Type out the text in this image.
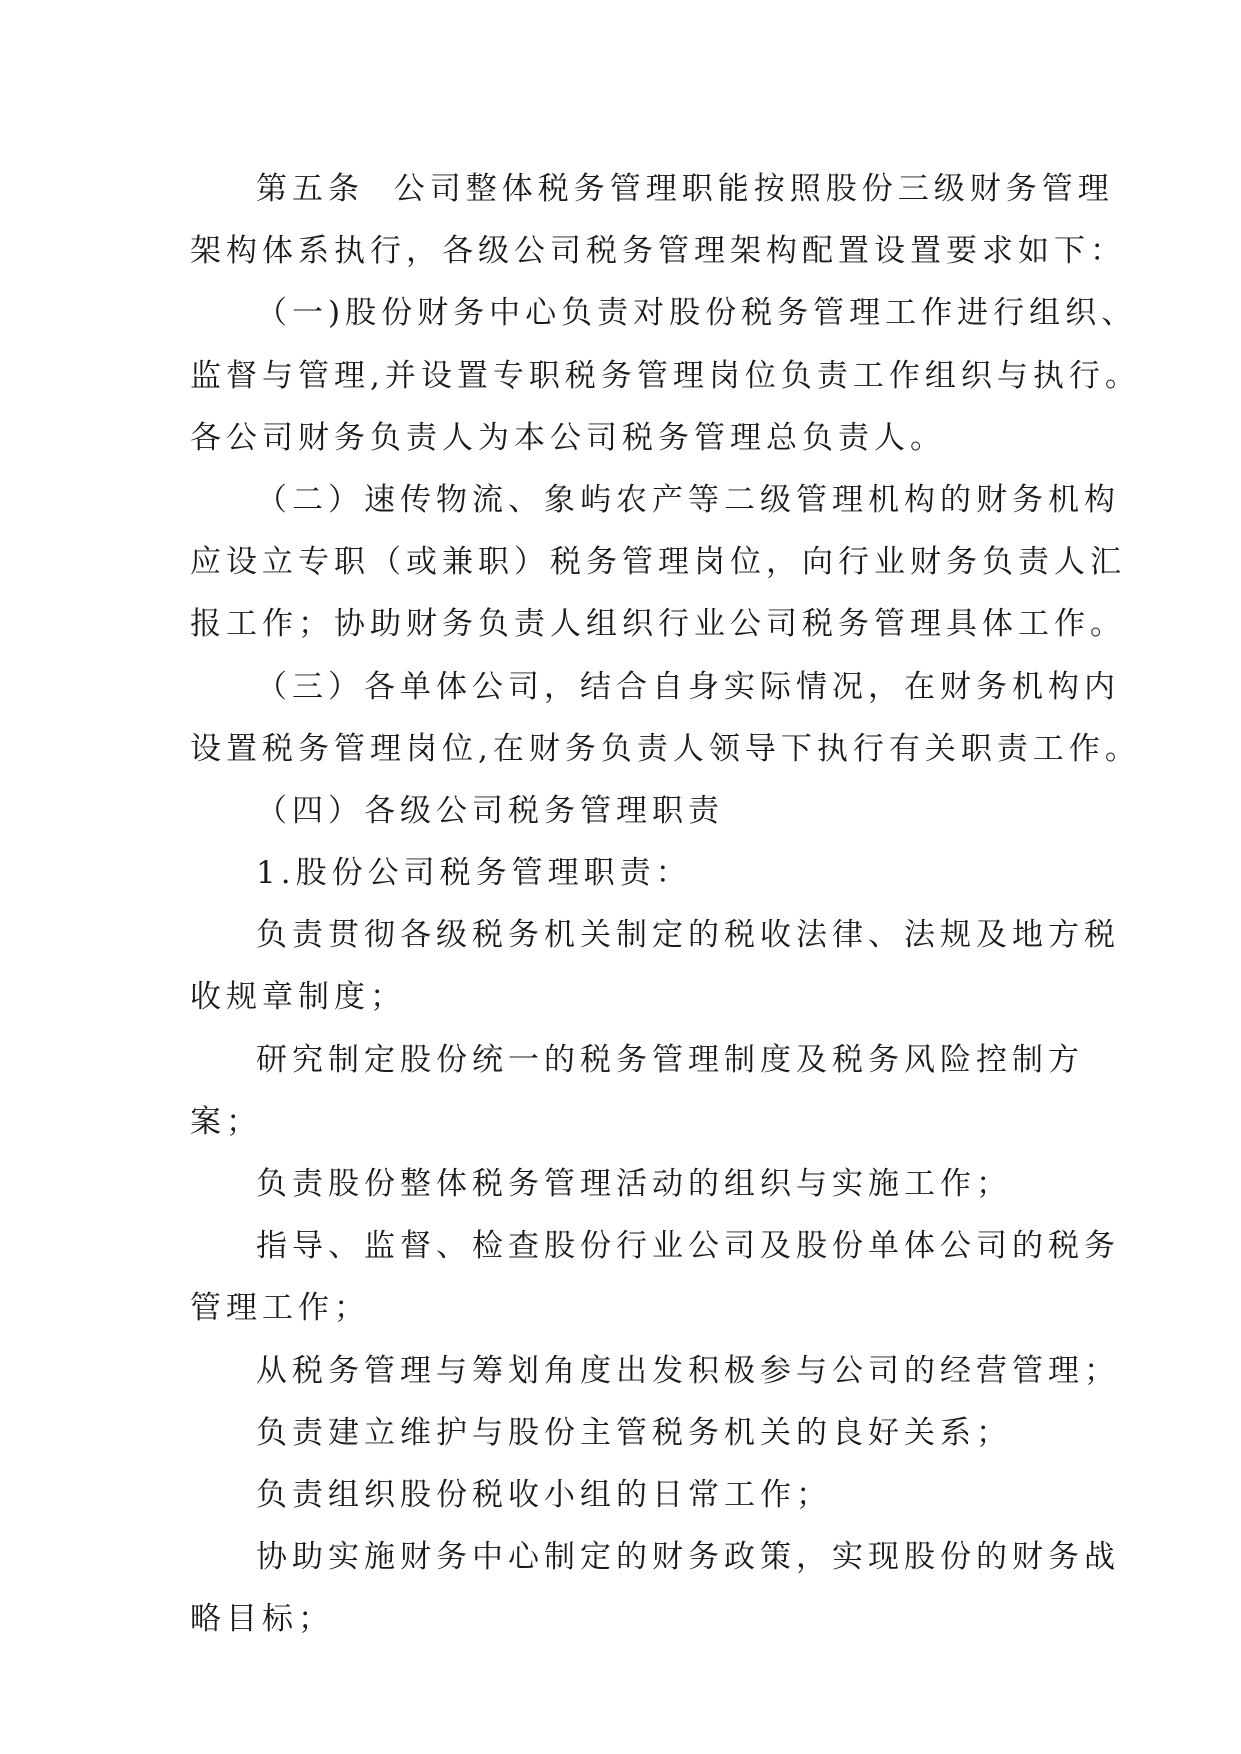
第五条  公司整体税务管理职能按照股份三级财务管理
架构体系执行，各级公司税务管理架构配置设置要求如下：
（一)股份财务中心负责对股份税务管理工作进行组织、
监督与管理,并设置专职税务管理岗位负责工作组织与执行。
各公司财务负责人为本公司税务管理总负责人。
（二）速传物流、象屿农产等二级管理机构的财务机构
应设立专职（或兼职）税务管理岗位，向行业财务负责人汇
报工作；协助财务负责人组织行业公司税务管理具体工作。
（三）各单体公司，结合自身实际情况，在财务机构内
设置税务管理岗位,在财务负责人领导下执行有关职责工作。
（四）各级公司税务管理职责
1.股份公司税务管理职责：
负责贯彻各级税务机关制定的税收法律、法规及地方税
收规章制度；
研究制定股份统一的税务管理制度及税务风险控制方
案；
负责股份整体税务管理活动的组织与实施工作；
指导、监督、检查股份行业公司及股份单体公司的税务
管理工作；
从税务管理与筹划角度出发积极参与公司的经营管理；
负责建立维护与股份主管税务机关的良好关系；
负责组织股份税收小组的日常工作；
协助实施财务中心制定的财务政策，实现股份的财务战
略目标；
